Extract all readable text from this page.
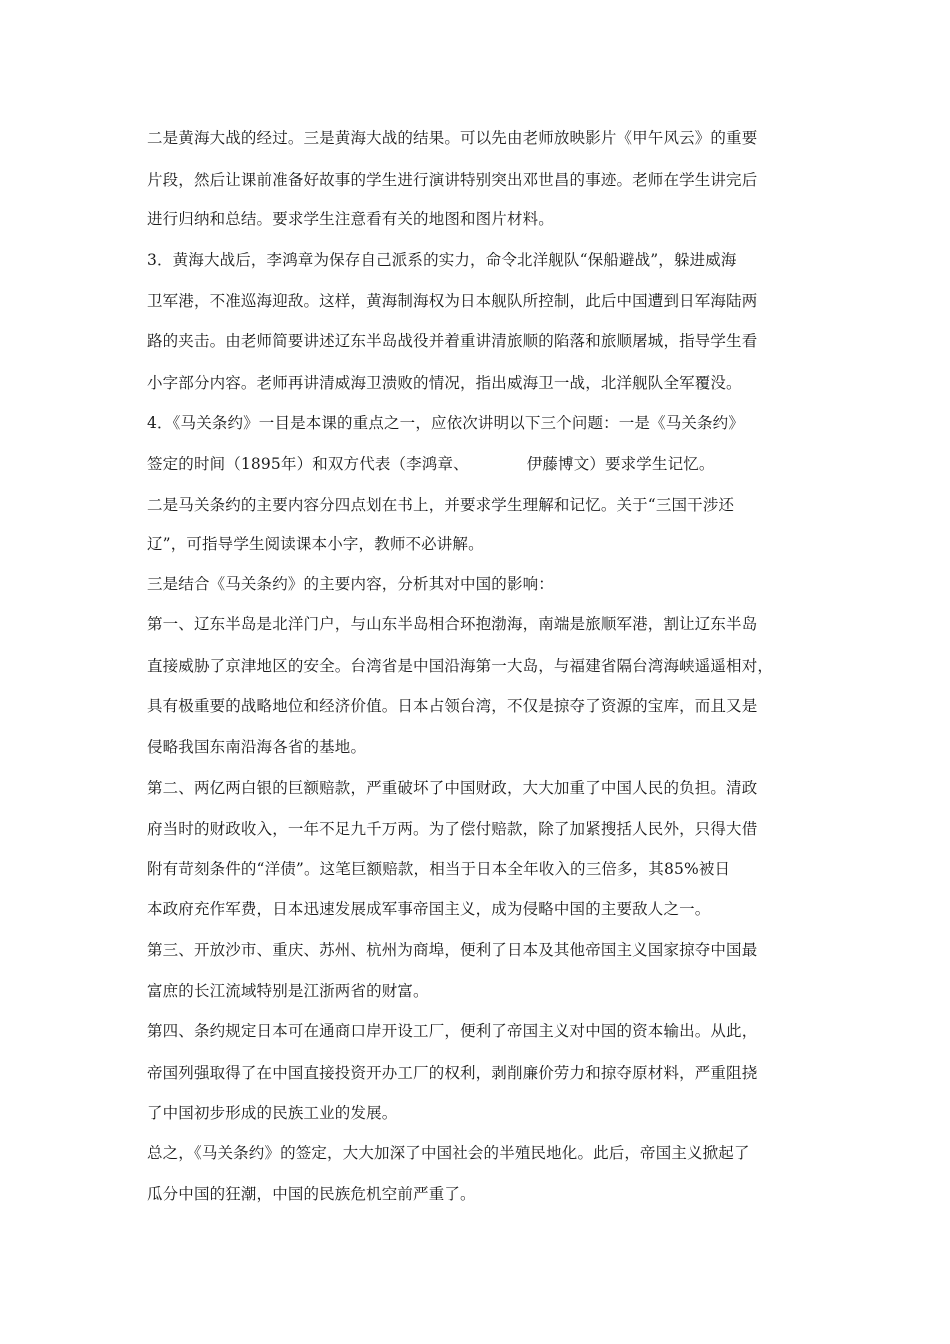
二是黄海大战的经过。三是黄海大战的结果。可以先由老师放映影片《甲午风云》的重要
片段，然后让课前准备好故事的学生进行演讲特别突出邓世昌的事迹。老师在学生讲完后
进行归纳和总结。要求学生注意看有关的地图和图片材料。
3．黄海大战后，李鸿章为保存自己派系的实力，命令北洋舰队“保船避战”，躲进威海
卫军港，不准巡海迎敌。这样，黄海制海权为日本舰队所控制，此后中国遭到日军海陆两
路的夹击。由老师简要讲述辽东半岛战役并着重讲清旅顺的陷落和旅顺屠城，指导学生看
小字部分内容。老师再讲清威海卫溃败的情况，指出威海卫一战，北洋舰队全军覆没。
4．《马关条约》一目是本课的重点之一，应依次讲明以下三个问题：一是《马关条约》
签定的时间（1895年）和双方代表（李鸿章、	伊藤博文）要求学生记忆。
二是马关条约的主要内容分四点划在书上，并要求学生理解和记忆。关于“三国干涉还
辽”，可指导学生阅读课本小字，教师不必讲解。
三是结合《马关条约》的主要内容，分析其对中国的影响：
第一、辽东半岛是北洋门户，与山东半岛相合环抱渤海，南端是旅顺军港，割让辽东半岛
直接威胁了京津地区的安全。台湾省是中国沿海第一大岛，与福建省隔台湾海峡遥遥相对，
具有极重要的战略地位和经济价值。日本占领台湾，不仅是掠夺了资源的宝库，而且又是
侵略我国东南沿海各省的基地。
第二、两亿两白银的巨额赔款，严重破坏了中国财政，大大加重了中国人民的负担。清政
府当时的财政收入，一年不足九千万两。为了偿付赔款，除了加紧搜括人民外，只得大借
附有苛刻条件的“洋债”。这笔巨额赔款，相当于日本全年收入的三倍多，其85%被日
本政府充作军费，日本迅速发展成军事帝国主义，成为侵略中国的主要敌人之一。
第三、开放沙市、重庆、苏州、杭州为商埠，便利了日本及其他帝国主义国家掠夺中国最
富庶的长江流域特别是江浙两省的财富。
第四、条约规定日本可在通商口岸开设工厂，便利了帝国主义对中国的资本输出。从此，
帝国列强取得了在中国直接投资开办工厂的权利，剥削廉价劳力和掠夺原材料，严重阻挠
了中国初步形成的民族工业的发展。
总之，《马关条约》的签定，大大加深了中国社会的半殖民地化。此后，帝国主义掀起了
瓜分中国的狂潮，中国的民族危机空前严重了。
